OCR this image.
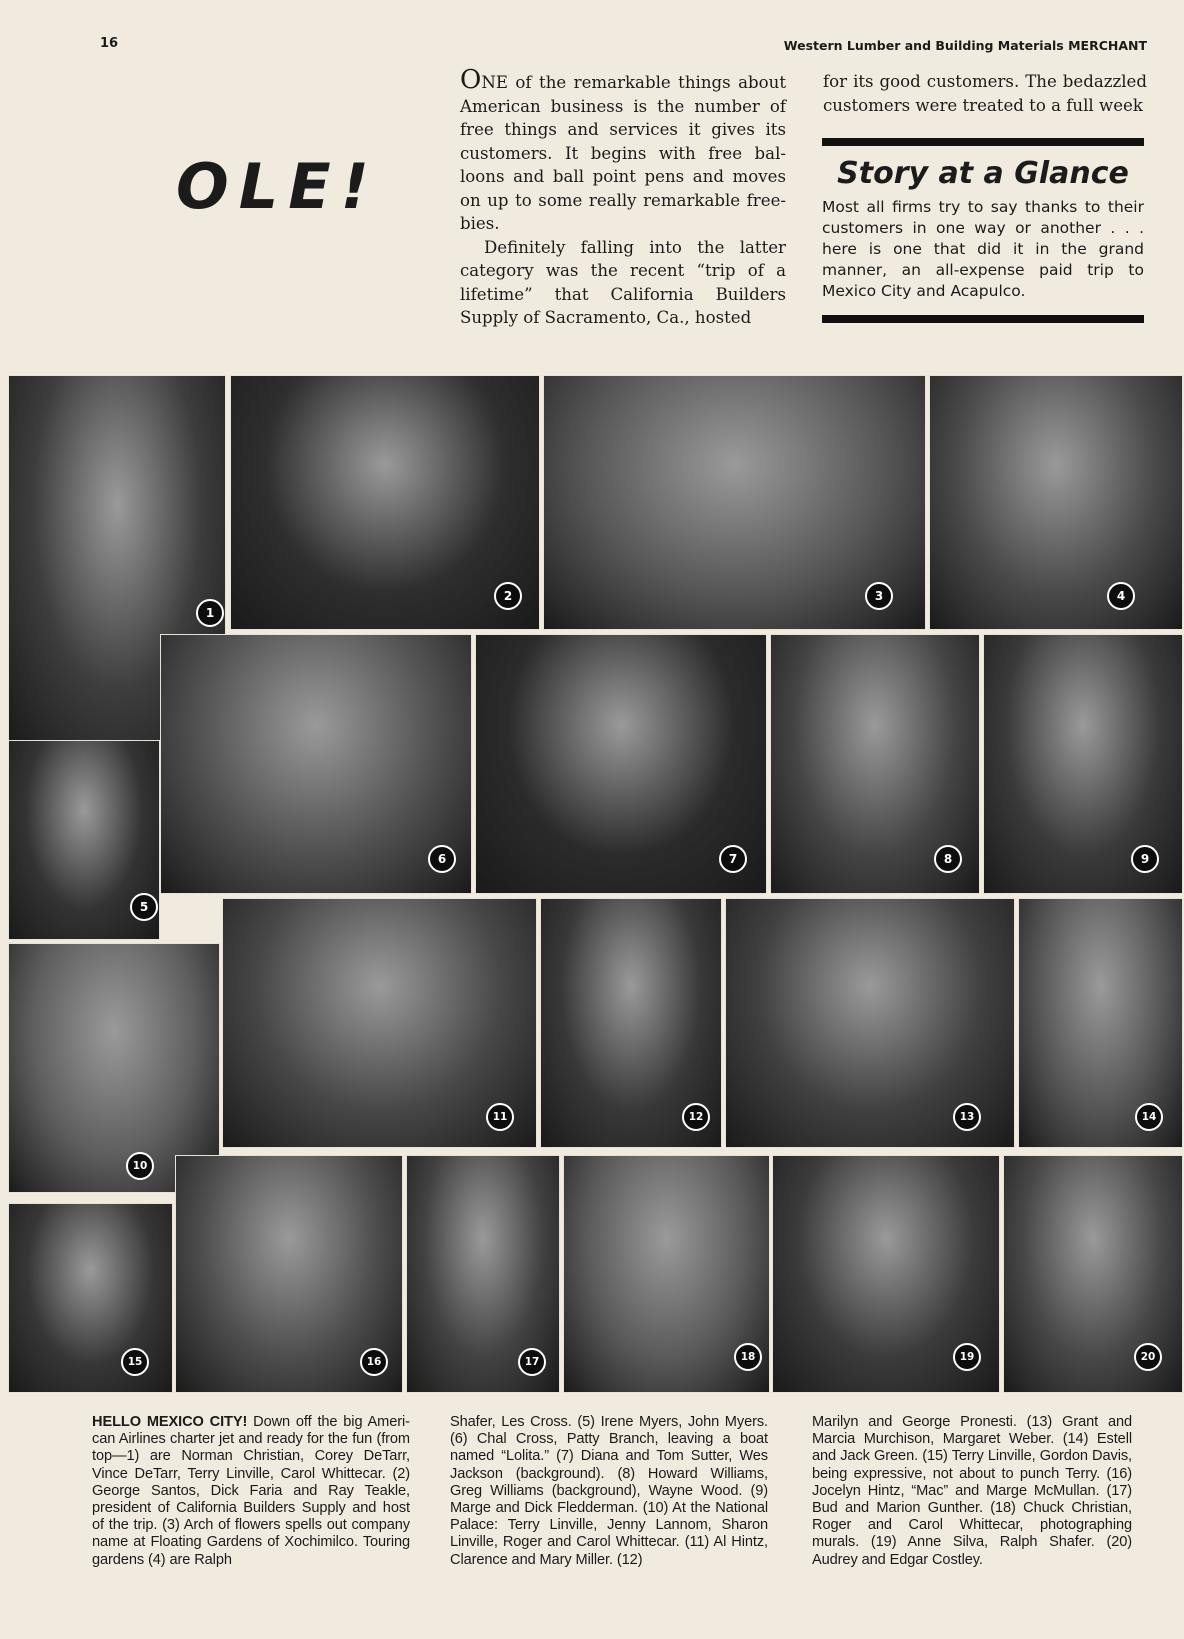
16	Western Lumber and Building Materials MERCHANT
OLE!

ONE of the remarkable things about American business is the number of free things and services it gives its customers. It begins with free balloons and ball point pens and moves on up to some really remarkable freebies.

Definitely falling into the latter category was the recent “trip of a lifetime” that California Builders Supply of Sacramento, Ca., hosted

for its good customers. The bedazzled customers were treated to a full week

Story at a Glance

Most all firms try to say thanks to their customers in one way or another . . . here is one that did it in the grand manner, an all-expense paid trip to Mexico City and Acapulco.

1
2	3	4
5
6	7	8	9
10
11	12	13	14
15	16	17	18	19	20
HELLO MEXICO CITY! Down off the big American Airlines charter jet and ready for the fun (from top—1) are Norman Christian, Corey DeTarr, Vince DeTarr, Terry Linville, Carol Whittecar. (2) George Santos, Dick Faria and Ray Teakle, president of California Builders Supply and host of the trip. (3) Arch of flowers spells out company name at Floating Gardens of Xochimilco. Touring gardens (4) are Ralph
Shafer, Les Cross. (5) Irene Myers, John Myers. (6) Chal Cross, Patty Branch, leaving a boat named “Lolita.” (7) Diana and Tom Sutter, Wes Jackson (background). (8) Howard Williams, Greg Williams (background), Wayne Wood. (9) Marge and Dick Fledderman. (10) At the National Palace: Terry Linville, Jenny Lannom, Sharon Linville, Roger and Carol Whittecar. (11) Al Hintz, Clarence and Mary Miller. (12)
Marilyn and George Pronesti. (13) Grant and Marcia Murchison, Margaret Weber. (14) Estell and Jack Green. (15) Terry Linville, Gordon Davis, being expressive, not about to punch Terry. (16) Jocelyn Hintz, “Mac” and Marge McMullan. (17) Bud and Marion Gunther. (18) Chuck Christian, Roger and Carol Whittecar, photographing murals. (19) Anne Silva, Ralph Shafer. (20) Audrey and Edgar Costley.
